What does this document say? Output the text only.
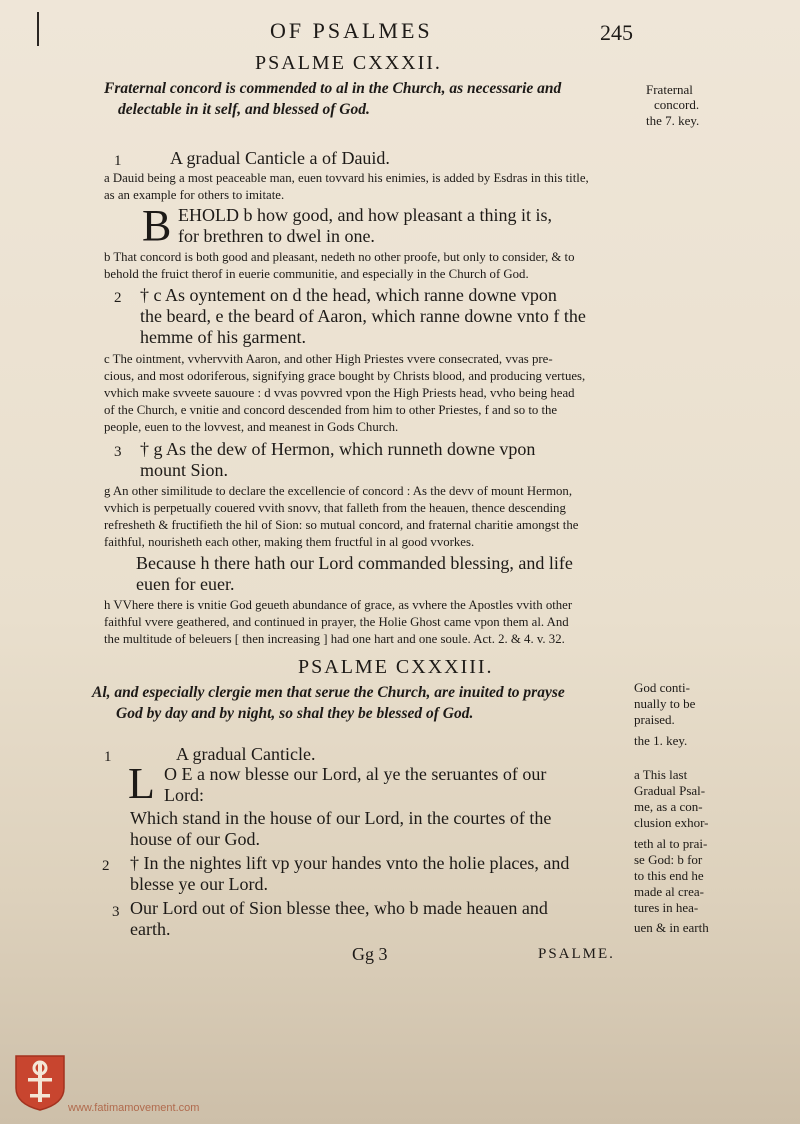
OF PSALMES	245
PSALME CXXXII.
Fraternal concord is commended to al in the Church, as necessarie and
delectable in it self, and blessed of God.
Fraternal
concord.
the 7. key.
1	A gradual Canticle a of Dauid.
a Dauid being a most peaceable man, euen tovvard his enimies, is added by Esdras in this title,
as an example for others to imitate.
B EHOLD b how good, and how pleasant a thing it is,
for brethren to dwel in one.
b That concord is both good and pleasant, nedeth no other proofe, but only to consider, & to
behold the fruict therof in euerie communitie, and especially in the Church of God.
2 † c As oyntement on d the head, which ranne downe vpon
the beard, e the beard of Aaron, which ranne downe vnto f the
hemme of his garment.
c The ointment, vvhervvith Aaron, and other High Priestes vvere consecrated, vvas pre-
cious, and most odoriferous, signifying grace bought by Christs blood, and producing vertues,
vvhich make svveete sauoure : d vvas povvred vpon the High Priests head, vvho being head
of the Church, e vnitie and concord descended from him to other Priestes, f and so to the
people, euen to the lovvest, and meanest in Gods Church.
3 † g As the dew of Hermon, which runneth downe vpon
mount Sion.
g An other similitude to declare the excellencie of concord : As the devv of mount Hermon,
vvhich is perpetually couered vvith snovv, that falleth from the heauen, thence descending
refresheth & fructifieth the hil of Sion: so mutual concord, and fraternal charitie amongst the
faithful, nourisheth each other, making them fructful in al good vvorkes.
Because h there hath our Lord commanded blessing, and life
euen for euer.
h VVhere there is vnitie God geueth abundance of grace, as vvhere the Apostles vvith other
faithful vvere geathered, and continued in prayer, the Holie Ghost came vpon them al. And
the multitude of beleuers [ then increasing ] had one hart and one soule. Act. 2. & 4. v. 32.
PSALME CXXXIII.
Al, and especially clergie men that serue the Church, are inuited to prayse
God by day and by night, so shal they be blessed of God.
God conti-
nually to be
praised.
the 1. key.
1	A gradual Canticle.
L O E a now blesse our Lord, al ye the seruantes of our
Lord:
Which stand in the house of our Lord, in the courtes of the
house of our God.
2 † In the nightes lift vp your handes vnto the holie places, and
blesse ye our Lord.
3 Our Lord out of Sion blesse thee, who b made heauen and
earth.
a This last
Gradual Psal-
me, as a con-
clusion exhor-
teth al to prai-
se God: b for
to this end he
made al crea-
tures in hea-
uen & in earth
Gg 3	PSALME.
www.fatimamovement.com
